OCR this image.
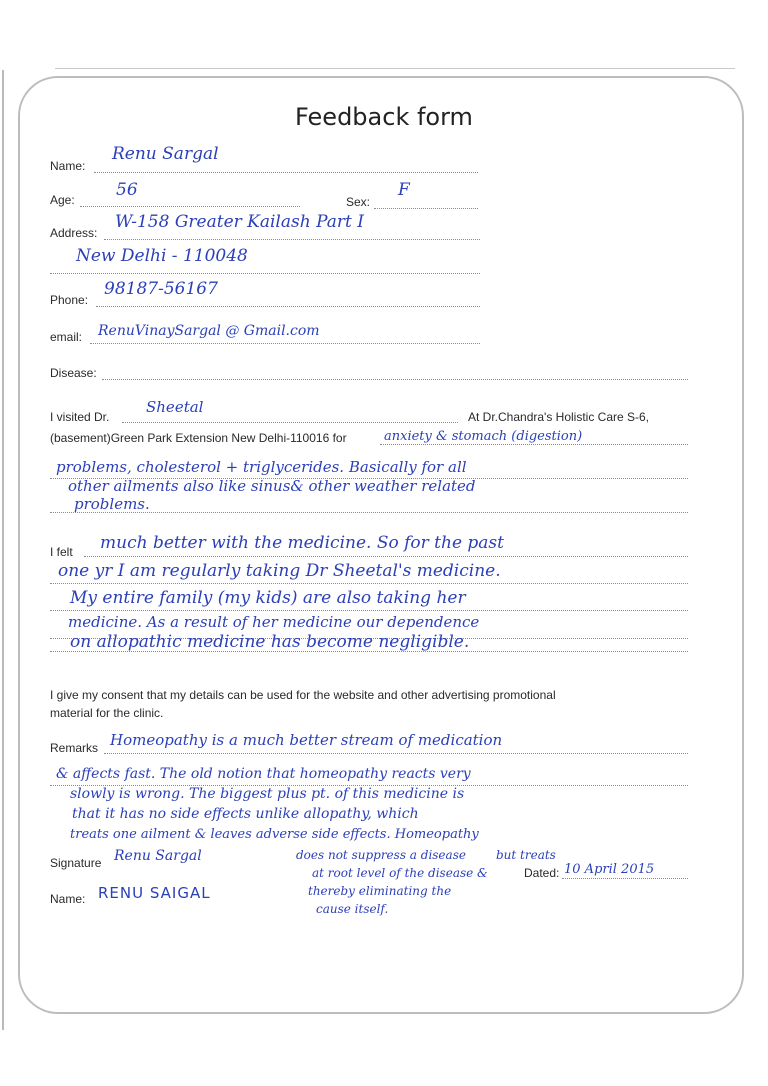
Feedback form
Name:
Renu Sargal
Age: 56
Sex:
F
Address:
W-158 Greater Kailash Part I
New Delhi - 110048
Phone:
98187-56167
email: RenuVinaySargal @ Gmail.com
Disease:
I visited Dr.
Sheetal
At Dr.Chandra's Holistic Care S-6,
(basement)Green Park Extension New Delhi-110016 for	anxiety & stomach (digestion)
problems, cholesterol + triglycerides. Basically for all
other ailments also like sinus& other weather related
problems.
I felt much better with the medicine. So for the past
one yr I am regularly taking Dr Sheetal's medicine.
My entire family (my kids) are also taking her
medicine. As a result of her medicine our dependence
on allopathic medicine has become negligible.
I give my consent that my details can be used for the website and other advertising promotional
material for the clinic.
Remarks Homeopathy is a much better stream of medication
& affects fast. The old notion that homeopathy reacts very
slowly is wrong. The biggest plus pt. of this medicine is
that it has no side effects unlike allopathy, which
treats one ailment & leaves adverse side effects. Homeopathy
does not suppress a disease	but treats
at root level of the disease &
thereby eliminating the
cause itself.
Signature Renu Sargal
Dated: 10 April 2015
Name: RENU SAIGAL
